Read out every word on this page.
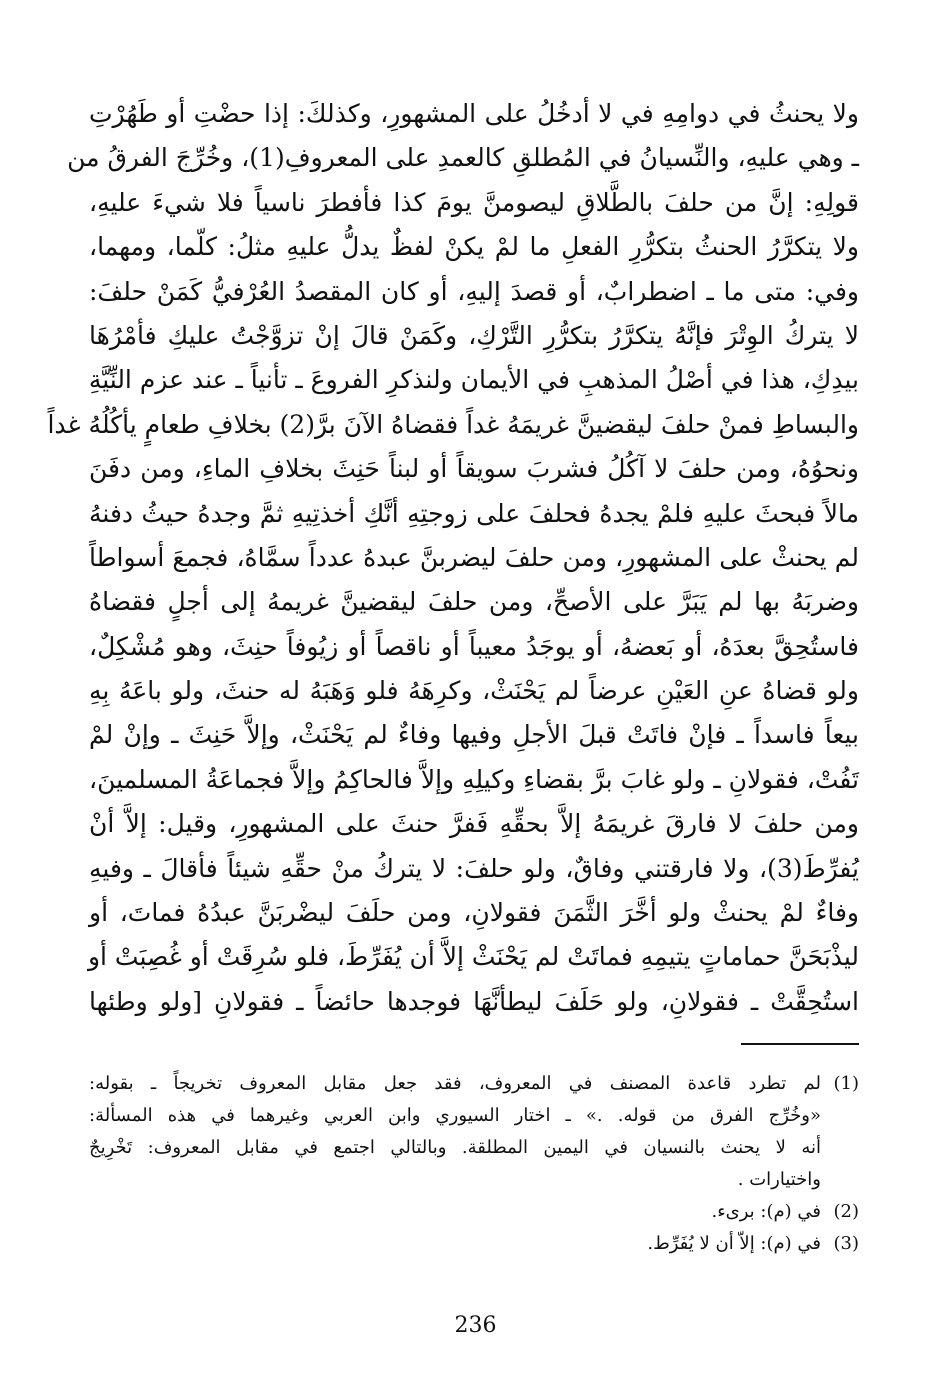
ولا يحنثُ في دوامِهِ في لا أدخُلُ على المشهورِ، وكذلكَ: إذا حضْتِ أو طَهُرْتِ
ـ وهي عليهِ، والنِّسيانُ في المُطلقِ كالعمدِ على المعروفِ(1)، وخُرِّجَ الفرقُ من
قولِهِ: إنَّ من حلفَ بالطَّلاقِ ليصومنَّ يومَ كذا فأفطرَ ناسياً فلا شيءَ عليهِ،
ولا يتكرَّرُ الحنثُ بتكرُّرِ الفعلِ ما لمْ يكنْ لفظٌ يدلُّ عليهِ مثلُ: كلّما، ومهما،
وفي: متى ما ـ اضطرابٌ، أو قصدَ إليهِ، أو كان المقصدُ العُرْفيُّ كَمَنْ حلفَ:
لا يتركُ الوِتْرَ فإنَّهُ يتكرَّرُ بتكرُّرِ التَّرْكِ، وكَمَنْ قالَ إنْ تزوَّجْتُ عليكِ فأمْرُهَا
بيدِكِ، هذا في أصْلُ المذهبِ في الأيمان ولنذكرِ الفروعَ ـ تأنياً ـ عند عزم النِّيَّةِ
والبساطِ فمنْ حلفَ ليقضينَّ غريمَهُ غداً فقضاهُ الآنَ برَّ(2) بخلافِ طعامٍ يأكُلُهُ غداً
ونحوُهُ، ومن حلفَ لا آكُلُ فشربَ سويقاً أو لبناً حَنِثَ بخلافِ الماءِ، ومن دفَنَ
مالاً فبحثَ عليهِ فلمْ يجدهُ فحلفَ على زوجتِهِ أنَّكِ أخذتِيهِ ثمَّ وجدهُ حيثُ دفنهُ
لم يحنثْ على المشهورِ، ومن حلفَ ليضربنَّ عبدهُ عدداً سمَّاهُ، فجمعَ أسواطاً
وضربَهُ بها لم يَبَرَّ على الأصحِّ، ومن حلفَ ليقضينَّ غريمهُ إلى أجلٍ فقضاهُ
فاستُحِقَّ بعدَهُ، أو بَعضهُ، أو يوجَدُ معيباً أو ناقصاً أو زيُوفاً حنِثَ، وهو مُشْكِلٌ،
ولو قضاهُ عنِ العَيْنِ عرضاً لم يَحْنَثْ، وكرِهَهُ فلو وَهَبَهُ له حنثَ، ولو باعَهُ بِهِ
بيعاً فاسداً ـ فإنْ فاتَتْ قبلَ الأجلِ وفيها وفاءٌ لم يَحْنَثْ، وإلاَّ حَنِثَ ـ وإنْ لمْ
تَفُتْ، فقولانِ ـ ولو غابَ برَّ بقضاءِ وكيلِهِ وإلاَّ فالحاكِمُ وإلاَّ فجماعَةُ المسلمينَ،
ومن حلفَ لا فارقَ غريمَهُ إلاَّ بحقِّهِ فَفرَّ حنثَ على المشهورِ، وقيل: إلاَّ أنْ
يُفرِّطَ(3)، ولا فارقتني وفاقٌ، ولو حلفَ: لا يتركُ منْ حقِّهِ شيئاً فأقالَ ـ وفيهِ
وفاءٌ لمْ يحنثْ ولو أخَّرَ الثَّمَنَ فقولانِ، ومن حلَفَ ليضْربَنَّ عبدُهُ فماتَ، أو
ليذْبَحَنَّ حماماتٍ يتيمِهِ فماتَتْ لم يَحْنَثْ إلاَّ أن يُفَرِّطَ، فلو سُرِقَتْ أو غُصِبَتْ أو
استُحِقَّتْ ـ فقولانِ، ولو حَلَفَ ليطأنَّهَا فوجدها حائضاً ـ فقولانِ [ولو وطئها
(1)
لم تطرد قاعدة المصنف في المعروف، فقد جعل مقابل المعروف تخريجاً ـ بقوله:
«وخُرِّج الفرق من قوله. .» ـ اختار السيوري وابن العربي وغيرهما في هذه المسألة:
أنه لا يحنث بالنسيان في اليمين المطلقة. وبالتالي اجتمع في مقابل المعروف: تَخْرِيجٌ
واختيارات .
(2)
في (م): برىء.
(3)
في (م): إلاّ أن لا يُفَرِّط.
236
